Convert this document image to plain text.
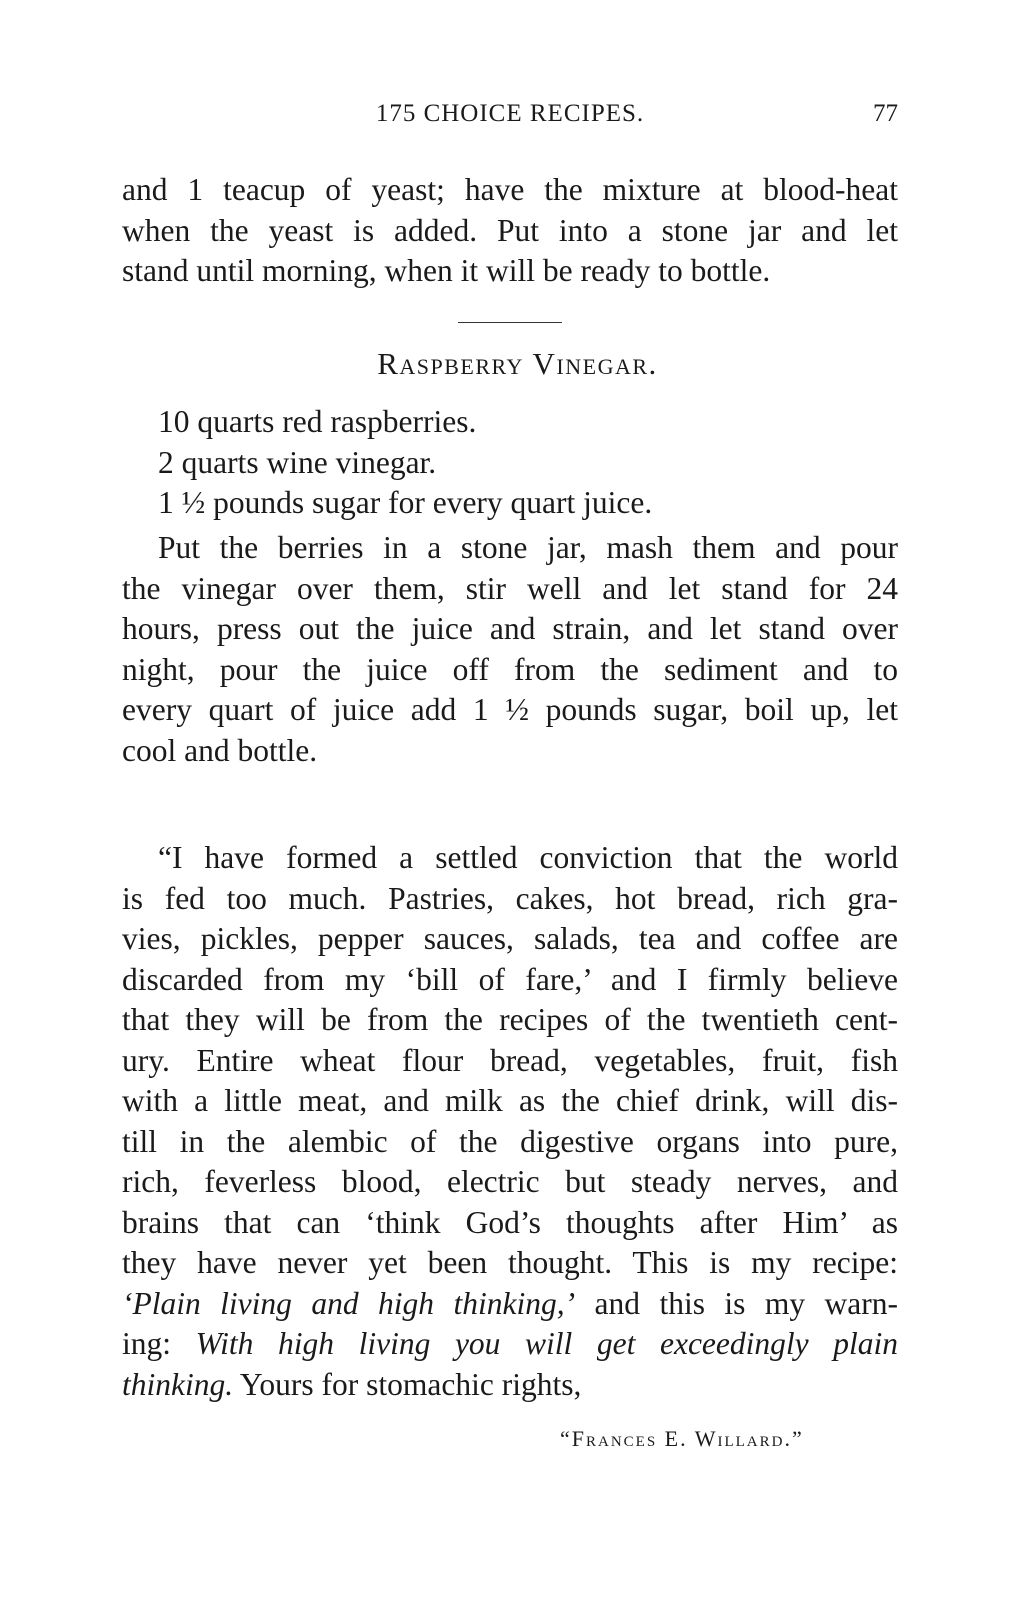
175 CHOICE RECIPES.	77
and 1 teacup of yeast; have the mixture at blood-heat
when the yeast is added. Put into a stone jar and let
stand until morning, when it will be ready to bottle.
Raspberry Vinegar.
10 quarts red raspberries.
2 quarts wine vinegar.
1 ½ pounds sugar for every quart juice.
Put the berries in a stone jar, mash them and pour
the vinegar over them, stir well and let stand for 24
hours, press out the juice and strain, and let stand over
night, pour the juice off from the sediment and to
every quart of juice add 1 ½ pounds sugar, boil up, let
cool and bottle.
“I have formed a settled conviction that the world
is fed too much. Pastries, cakes, hot bread, rich gra-
vies, pickles, pepper sauces, salads, tea and coffee are
discarded from my ‘bill of fare,’ and I firmly believe
that they will be from the recipes of the twentieth cent-
ury. Entire wheat flour bread, vegetables, fruit, fish
with a little meat, and milk as the chief drink, will dis-
till in the alembic of the digestive organs into pure,
rich, feverless blood, electric but steady nerves, and
brains that can ‘think God’s thoughts after Him’ as
they have never yet been thought. This is my recipe:
‘Plain living and high thinking,’ and this is my warn-
ing: With high living you will get exceedingly plain
thinking. Yours for stomachic rights,
“Frances E. Willard.”
